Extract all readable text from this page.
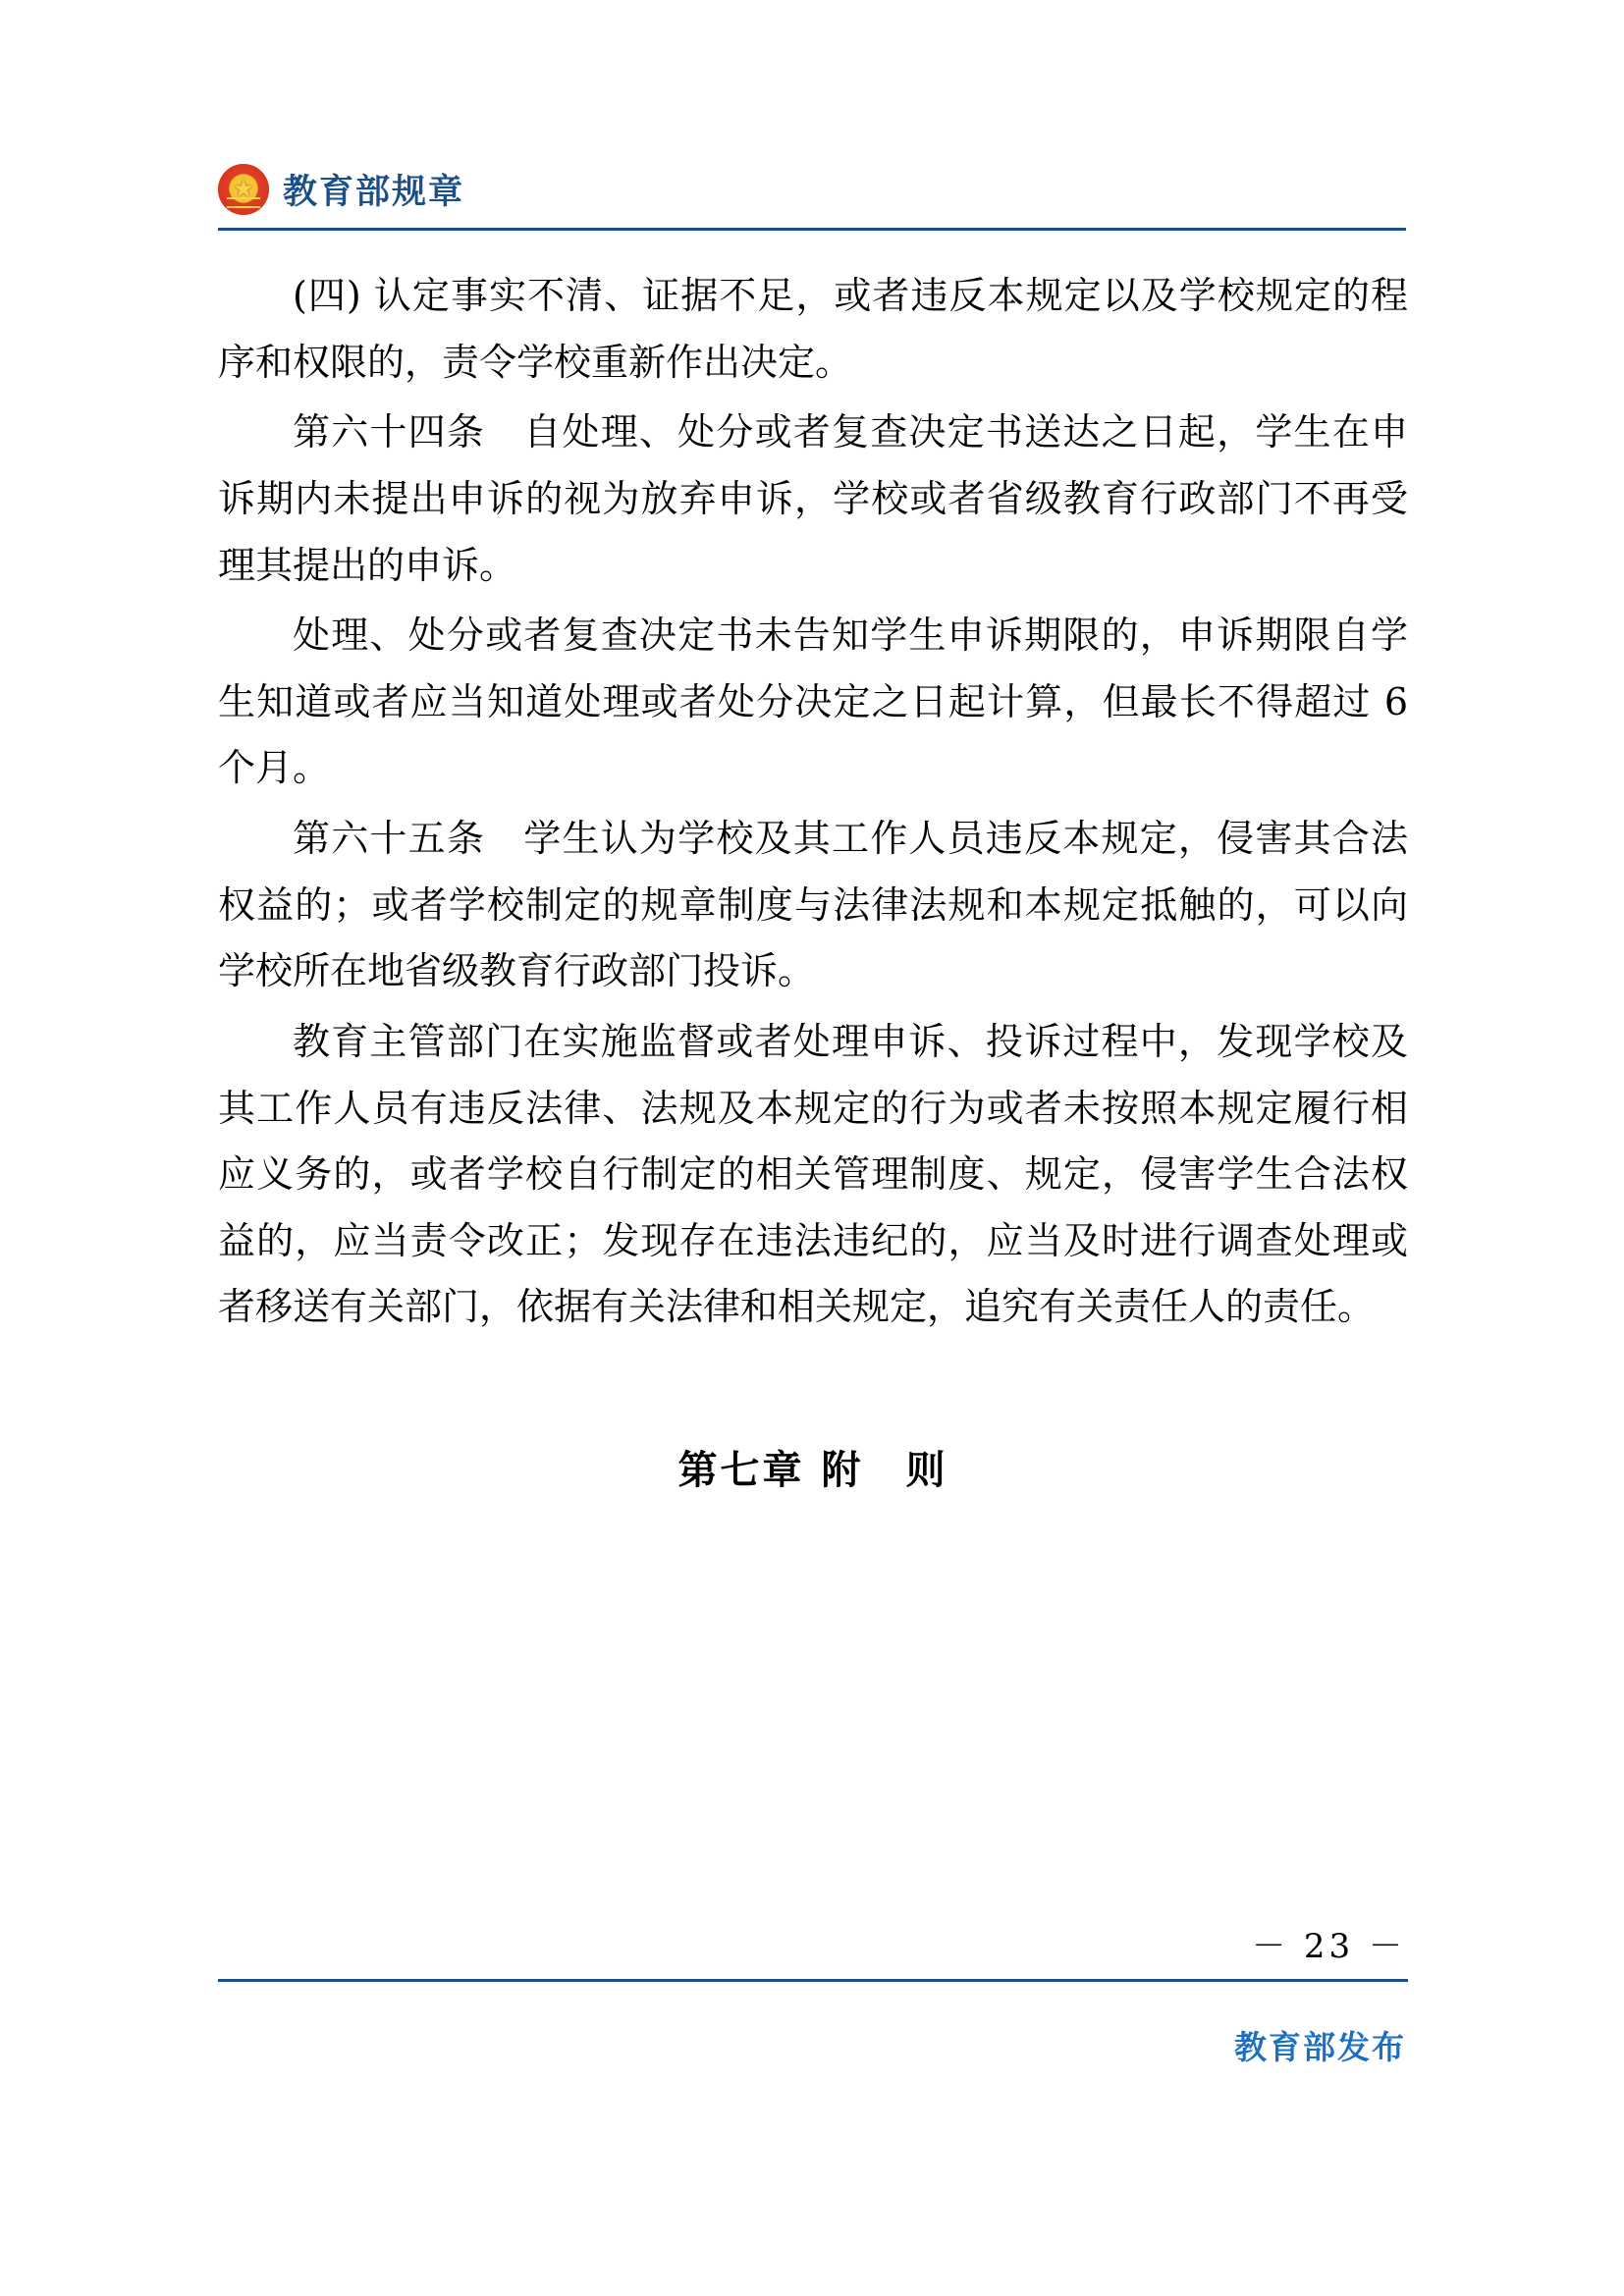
★
教育部规章

(四) 认定事实不清、证据不足，或者违反本规定以及学校规定的程序和权限的，责令学校重新作出决定。

第六十四条　自处理、处分或者复查决定书送达之日起，学生在申诉期内未提出申诉的视为放弃申诉，学校或者省级教育行政部门不再受理其提出的申诉。

处理、处分或者复查决定书未告知学生申诉期限的，申诉期限自学生知道或者应当知道处理或者处分决定之日起计算，但最长不得超过 6 个月。

第六十五条　学生认为学校及其工作人员违反本规定，侵害其合法权益的；或者学校制定的规章制度与法律法规和本规定抵触的，可以向学校所在地省级教育行政部门投诉。

教育主管部门在实施监督或者处理申诉、投诉过程中，发现学校及其工作人员有违反法律、法规及本规定的行为或者未按照本规定履行相应义务的，或者学校自行制定的相关管理制度、规定，侵害学生合法权益的，应当责令改正；发现存在违法违纪的，应当及时进行调查处理或者移送有关部门，依据有关法律和相关规定，追究有关责任人的责任。

第七章 附　则
－ 23 －
教育部发布
